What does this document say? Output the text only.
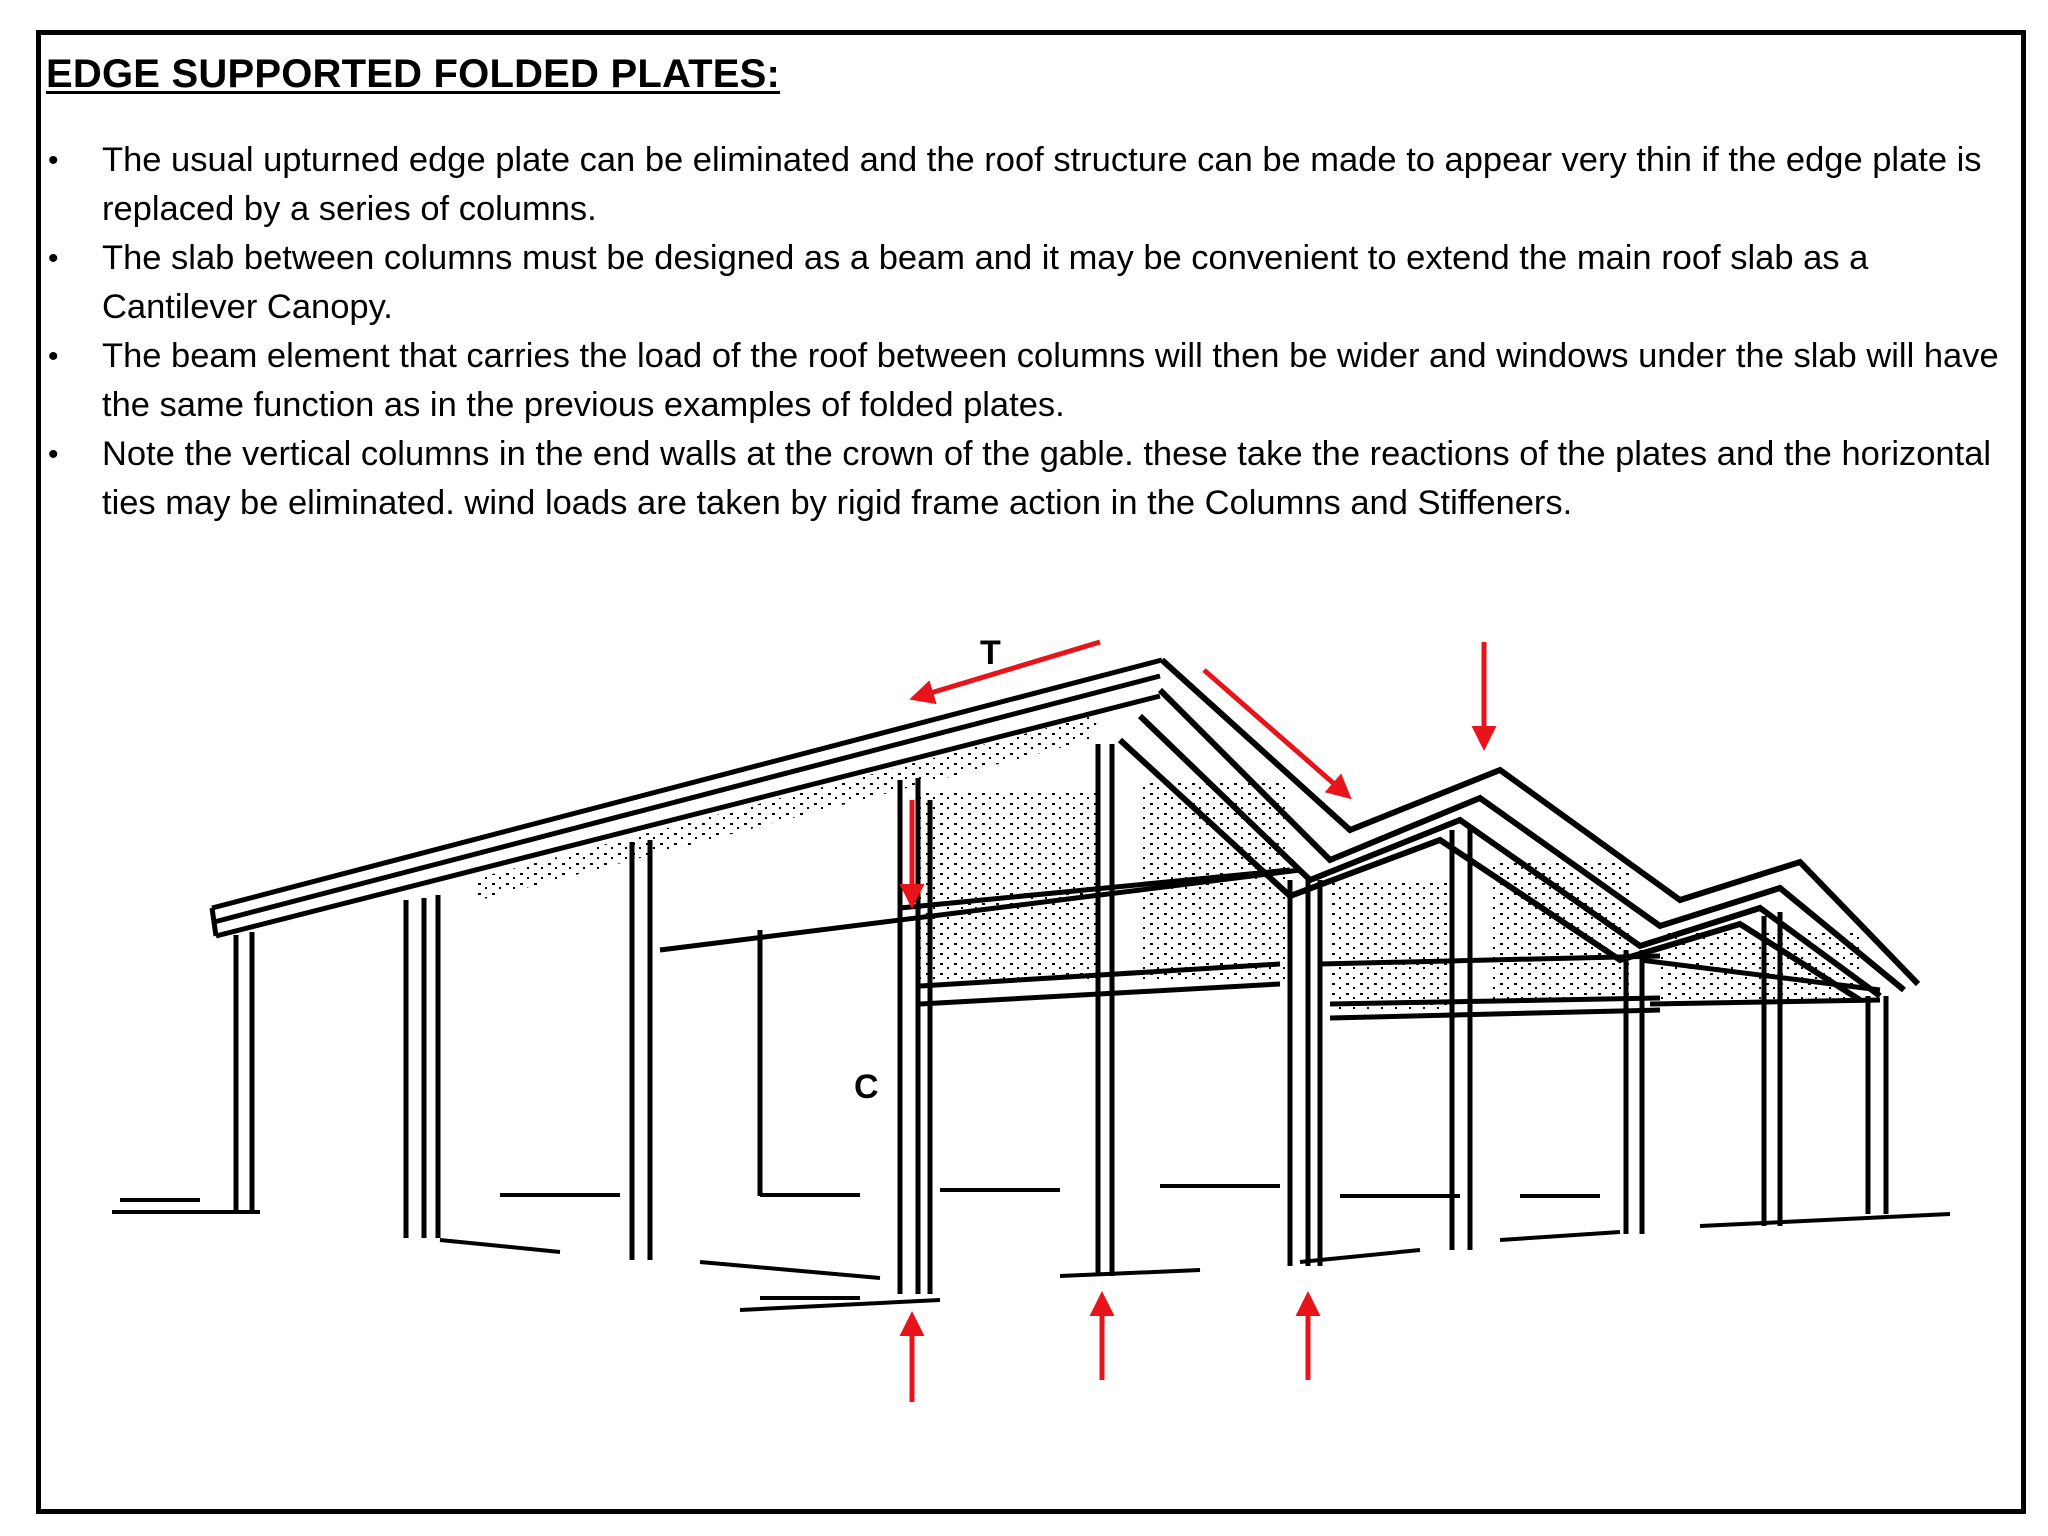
EDGE SUPPORTED FOLDED PLATES:
• The usual upturned edge plate can be eliminated and the roof structure can be made to appear very thin if the edge plate is replaced by a series of columns.
• The slab between columns must be designed as a beam and it may be convenient to extend the main roof slab as a Cantilever Canopy.
• The beam element that carries the load of the roof between columns will then be wider and windows under the slab will have the same function as in the previous examples of folded plates.
• Note the vertical columns in the end walls at the crown of the gable. these take the reactions of the plates and the horizontal ties may be eliminated. wind loads are taken by rigid frame action in the Columns and Stiffeners.
T
C
